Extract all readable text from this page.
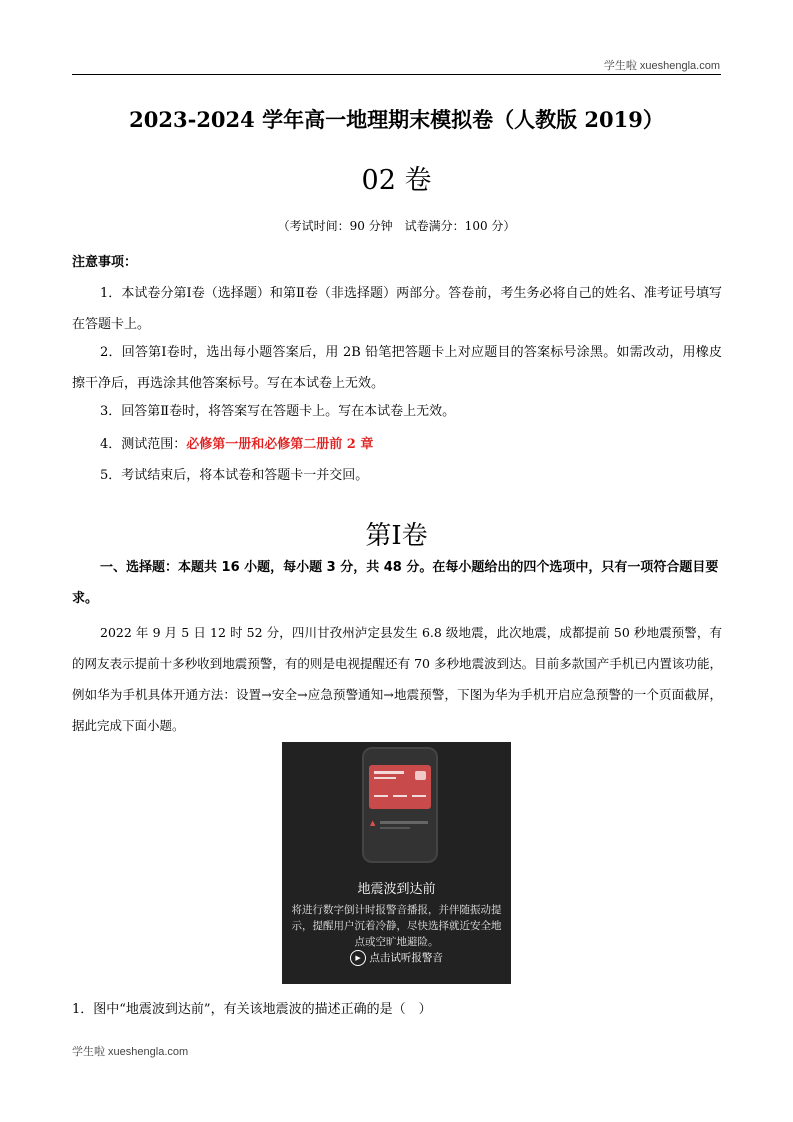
学生啦 xueshengla.com
2023-2024 学年高一地理期末模拟卷（人教版 2019）
02 卷
（考试时间：90 分钟　试卷满分：100 分）
注意事项：
1．本试卷分第Ⅰ卷（选择题）和第Ⅱ卷（非选择题）两部分。答卷前，考生务必将自己的姓名、准考证号填写在答题卡上。
2．回答第Ⅰ卷时，选出每小题答案后，用 2B 铅笔把答题卡上对应题目的答案标号涂黑。如需改动，用橡皮擦干净后，再选涂其他答案标号。写在本试卷上无效。
3．回答第Ⅱ卷时，将答案写在答题卡上。写在本试卷上无效。
4．测试范围：必修第一册和必修第二册前 2 章
5．考试结束后，将本试卷和答题卡一并交回。
第Ⅰ卷
一、选择题：本题共 16 小题，每小题 3 分，共 48 分。在每小题给出的四个选项中，只有一项符合题目要求。
2022 年 9 月 5 日 12 时 52 分，四川甘孜州泸定县发生 6.8 级地震，此次地震，成都提前 50 秒地震预警，有的网友表示提前十多秒收到地震预警，有的则是电视提醒还有 70 多秒地震波到达。目前多款国产手机已内置该功能，例如华为手机具体开通方法：设置→安全→应急预警通知→地震预警，下图为华为手机开启应急预警的一个页面截屏，据此完成下面小题。
▲
地震波到达前
将进行数字倒计时报警音播报，并伴随振动提示，提醒用户沉着冷静，尽快选择就近安全地点或空旷地避险。
▶ 点击试听报警音
1．图中“地震波到达前”，有关该地震波的描述正确的是（　）
学生啦 xueshengla.com
